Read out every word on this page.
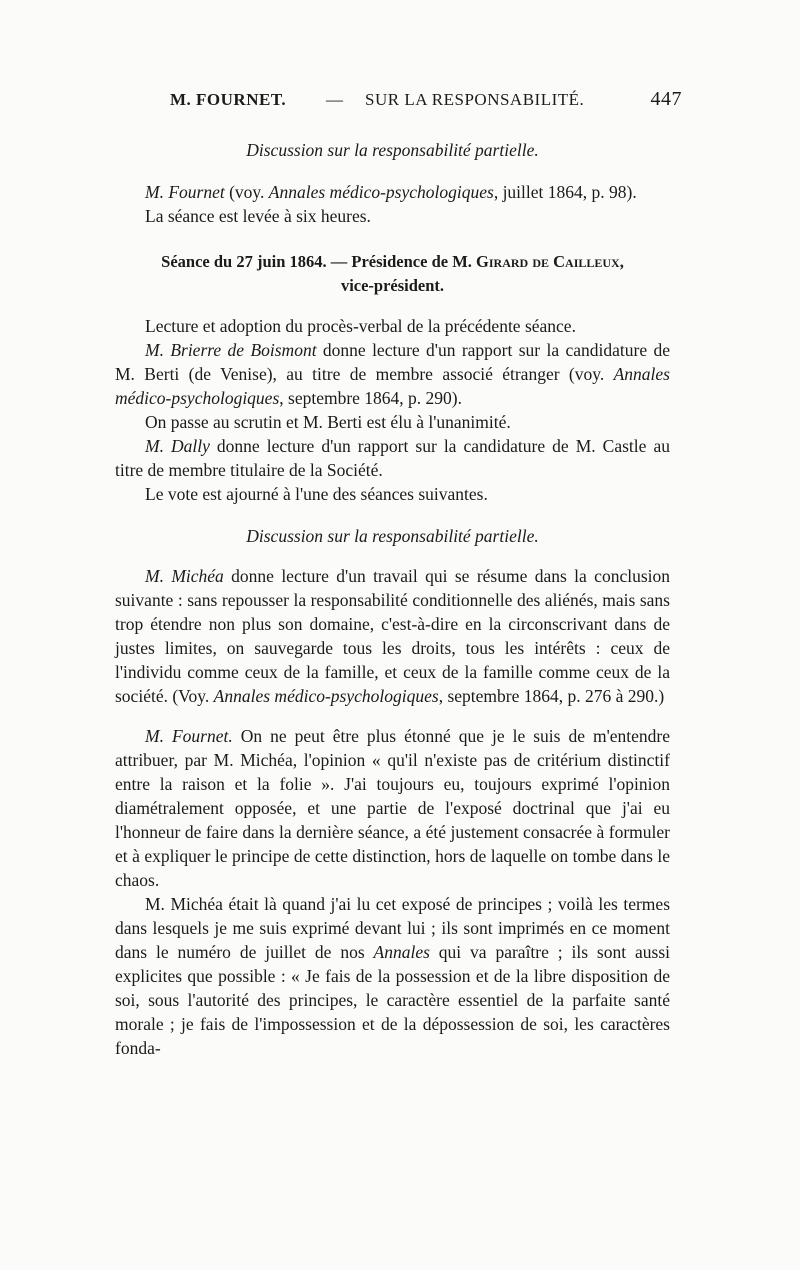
M. FOURNET. — SUR LA RESPONSABILITÉ.	447

Discussion sur la responsabilité partielle.

M. Fournet (voy. Annales médico-psychologiques, juillet 1864, p. 98).

La séance est levée à six heures.

Séance du 27 juin 1864. — Présidence de M. Girard de Cailleux,
vice-président.

Lecture et adoption du procès-verbal de la précédente séance.

M. Brierre de Boismont donne lecture d'un rapport sur la candidature de M. Berti (de Venise), au titre de membre associé étranger (voy. Annales médico-psychologiques, septembre 1864, p. 290).

On passe au scrutin et M. Berti est élu à l'unanimité.

M. Dally donne lecture d'un rapport sur la candidature de M. Castle au titre de membre titulaire de la Société.

Le vote est ajourné à l'une des séances suivantes.

Discussion sur la responsabilité partielle.

M. Michéa donne lecture d'un travail qui se résume dans la conclusion suivante : sans repousser la responsabilité conditionnelle des aliénés, mais sans trop étendre non plus son domaine, c'est-à-dire en la circonscrivant dans de justes limites, on sauvegarde tous les droits, tous les intérêts : ceux de l'individu comme ceux de la famille, et ceux de la famille comme ceux de la société. (Voy. Annales médico-psychologiques, septembre 1864, p. 276 à 290.)

M. Fournet. On ne peut être plus étonné que je le suis de m'entendre attribuer, par M. Michéa, l'opinion « qu'il n'existe pas de critérium distinctif entre la raison et la folie ». J'ai toujours eu, toujours exprimé l'opinion diamétralement opposée, et une partie de l'exposé doctrinal que j'ai eu l'honneur de faire dans la dernière séance, a été justement consacrée à formuler et à expliquer le principe de cette distinction, hors de laquelle on tombe dans le chaos.

M. Michéa était là quand j'ai lu cet exposé de principes ; voilà les termes dans lesquels je me suis exprimé devant lui ; ils sont imprimés en ce moment dans le numéro de juillet de nos Annales qui va paraître ; ils sont aussi explicites que possible : « Je fais de la possession et de la libre disposition de soi, sous l'autorité des principes, le caractère essentiel de la parfaite santé morale ; je fais de l'impossession et de la dépossession de soi, les caractères fonda-
